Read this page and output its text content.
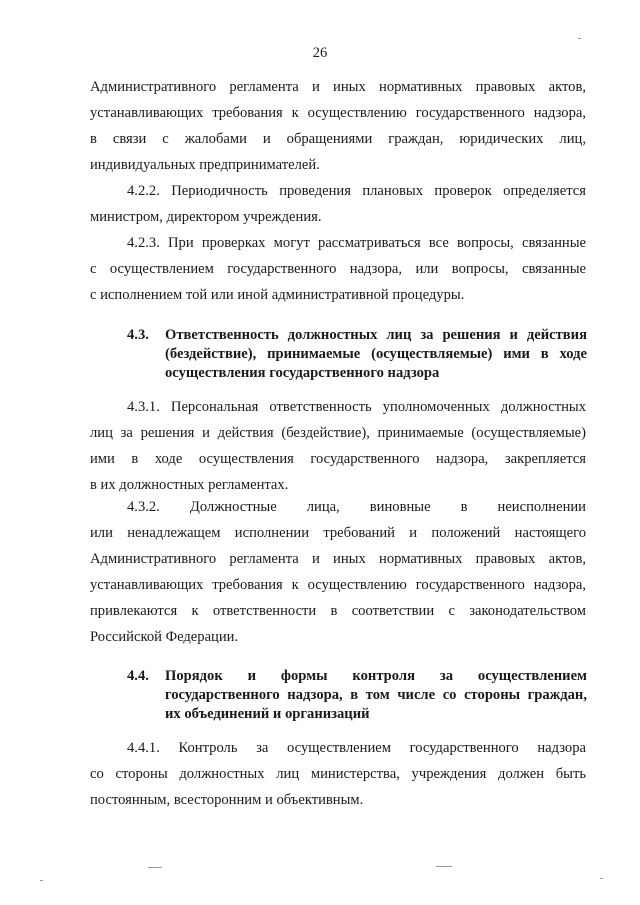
26
Административного регламента и иных нормативных правовых актов,
устанавливающих требования к осуществлению государственного надзора,
в связи с жалобами и обращениями граждан, юридических лиц,
индивидуальных предпринимателей.
4.2.2. Периодичность проведения плановых проверок определяется
министром, директором учреждения.
4.2.3. При проверках могут рассматриваться все вопросы, связанные
с осуществлением государственного надзора, или вопросы, связанные
с исполнением той или иной административной процедуры.
4.3.	Ответственность должностных лиц за решения и действия
(бездействие), принимаемые (осуществляемые) ими в ходе
осуществления государственного надзора
4.3.1. Персональная ответственность уполномоченных должностных
лиц за решения и действия (бездействие), принимаемые (осуществляемые)
ими в ходе осуществления государственного надзора, закрепляется
в их должностных регламентах.
4.3.2. Должностные лица, виновные в неисполнении
или ненадлежащем исполнении требований и положений настоящего
Административного регламента и иных нормативных правовых актов,
устанавливающих требования к осуществлению государственного надзора,
привлекаются к ответственности в соответствии с законодательством
Российской Федерации.
4.4.	Порядок и формы контроля за осуществлением
государственного надзора, в том числе со стороны граждан,
их объединений и организаций
4.4.1. Контроль за осуществлением государственного надзора
со стороны должностных лиц министерства, учреждения должен быть
постоянным, всесторонним и объективным.
